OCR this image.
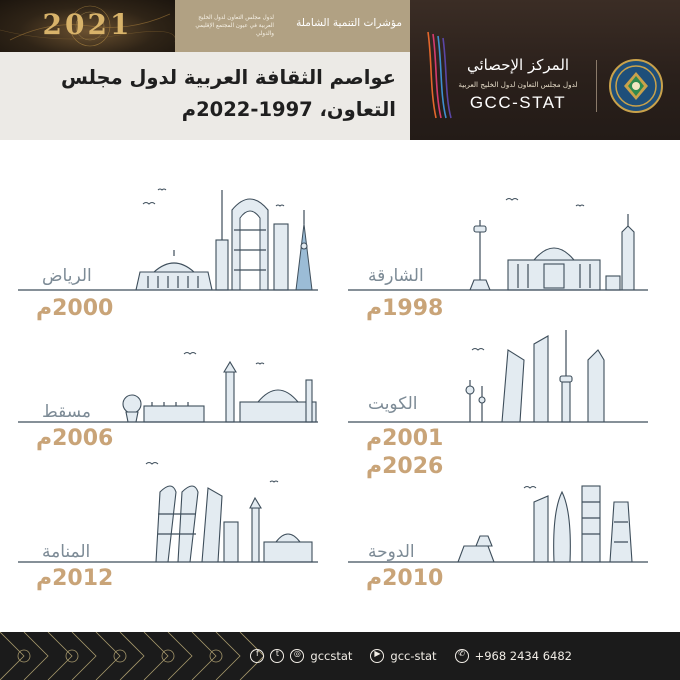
2021	لدول مجلس التعاون لدول الخليج العربية في عيون المجتمع الإقليمي والدولي
مؤشرات التنمية الشاملة
عواصم الثقافة العربية لدول مجلس
التعاون، 1997-2022م
المركز الإحصائي
لدول مجلس التعاون لدول الخليج العربية
GCC-STAT
الرياض
2000م
الشارقة
1998م
مسقط
2006م
الكويت
2001م
2026م
المنامة
2012م
الدوحة
2010م
f	t	◎ gccstat	▶ gcc-stat	✆ +968 2434 6482
